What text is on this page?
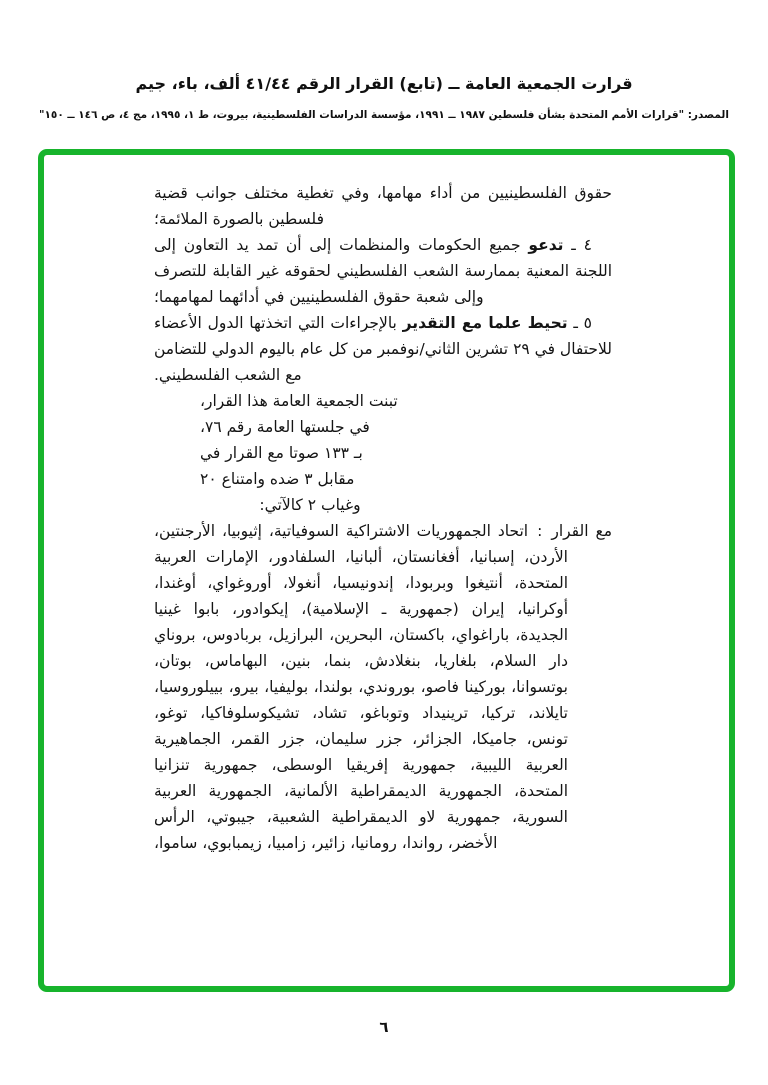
قرارت الجمعية العامة ــ (تابع) القرار الرقم ٤١/٤٤ ألف، باء، جيم
المصدر: "قرارات الأمم المتحدة بشأن فلسطين ١٩٨٧ ــ ١٩٩١، مؤسسة الدراسات الفلسطينية، بيروت، ط ١، ١٩٩٥، مج ٤، ص ١٤٦ ــ ١٥٠"

حقوق الفلسطينيين من أداء مهامها، وفي تغطية مختلف جوانب قضية فلسطين بالصورة الملائمة؛

٤ ـ تدعو جميع الحكومات والمنظمات إلى أن تمد يد التعاون إلى اللجنة المعنية بممارسة الشعب الفلسطيني لحقوقه غير القابلة للتصرف وإلى شعبة حقوق الفلسطينيين في أدائهما لمهامهما؛

٥ ـ تحيط علما مع التقدير بالإجراءات التي اتخذتها الدول الأعضاء للاحتفال في ٢٩ تشرين الثاني/نوفمبر من كل عام باليوم الدولي للتضامن مع الشعب الفلسطيني.

تبنت الجمعية العامة هذا القرار،
في جلستها العامة رقم ٧٦،
بـ ١٣٣ صوتا مع القرار في
مقابل ٣ ضده وامتناع ٢٠
وغياب ٢ كالآتي:

مع القرار:اتحاد الجمهوريات الاشتراكية السوفياتية، إثيوبيا، الأرجنتين، الأردن، إسبانيا، أفغانستان، ألبانيا، السلفادور، الإمارات العربية المتحدة، أنتيغوا وبربودا، إندونيسيا، أنغولا، أوروغواي، أوغندا، أوكرانيا، إيران (جمهورية ـ الإسلامية)، إيكوادور، بابوا غينيا الجديدة، باراغواي، باكستان، البحرين، البرازيل، بربادوس، بروناي دار السلام، بلغاريا، بنغلادش، بنما، بنين، البهاماس، بوتان، بوتسوانا، بوركينا فاصو، بوروندي، بولندا، بوليفيا، بيرو، بييلوروسيا، تايلاند، تركيا، ترينيداد وتوباغو، تشاد، تشيكوسلوفاكيا، توغو، تونس، جاميكا، الجزائر، جزر سليمان، جزر القمر، الجماهيرية العربية الليبية، جمهورية إفريقيا الوسطى، جمهورية تنزانيا المتحدة، الجمهورية الديمقراطية الألمانية، الجمهورية العربية السورية، جمهورية لاو الديمقراطية الشعبية، جيبوتي، الرأس الأخضر، رواندا، رومانيا، زائير، زامبيا، زيمبابوي، ساموا،

٦
